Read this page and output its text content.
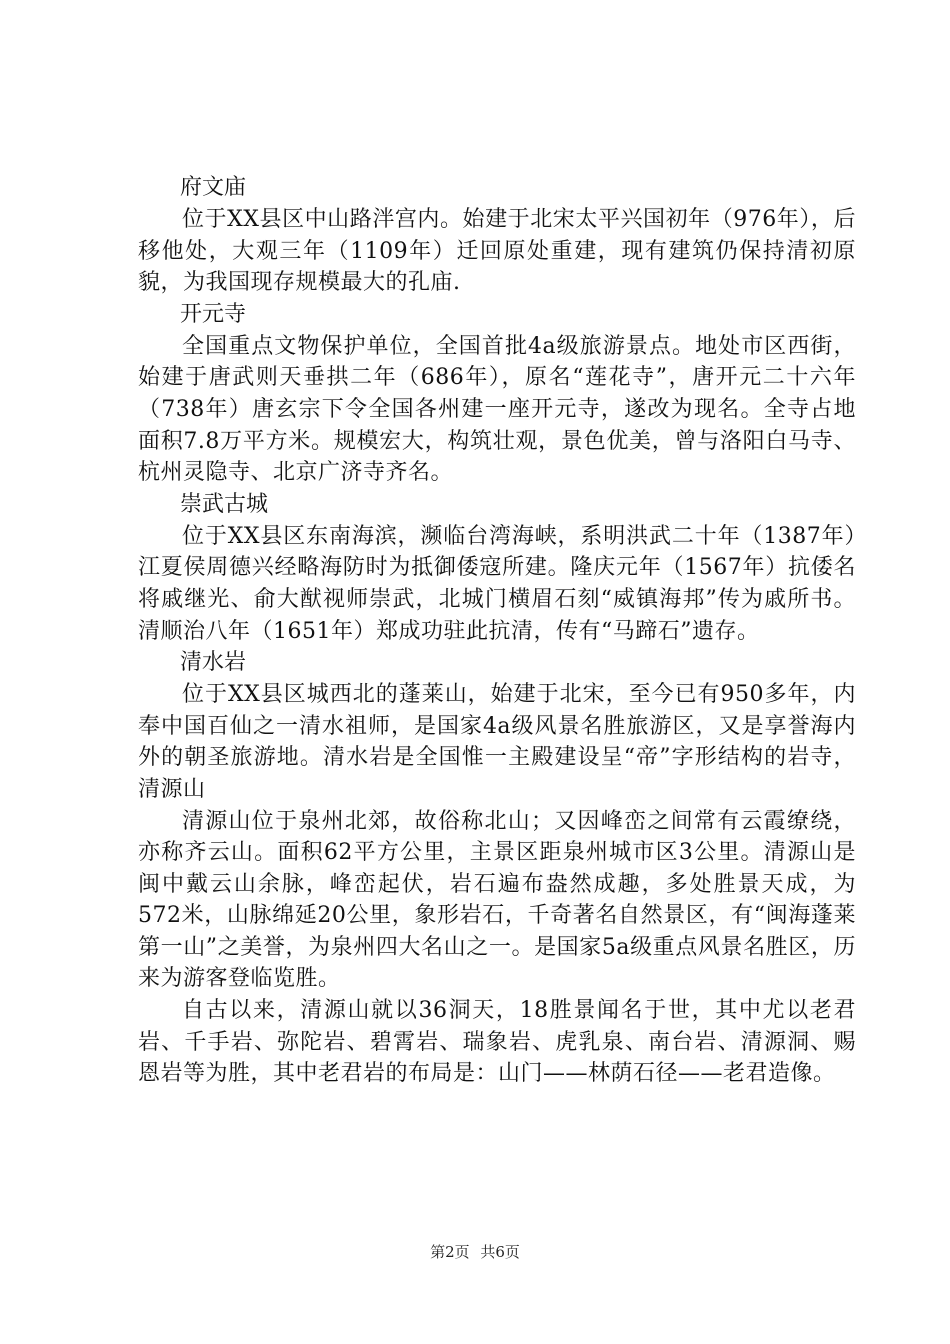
府文庙
位于XX县区中山路泮宫内。始建于北宋太平兴国初年（976年），后移他处，大观三年（1109年）迁回原处重建，现有建筑仍保持清初原貌，为我国现存规模最大的孔庙.
开元寺
全国重点文物保护单位，全国首批4a级旅游景点。地处市区西街，始建于唐武则天垂拱二年（686年），原名“莲花寺”，唐开元二十六年（738年）唐玄宗下令全国各州建一座开元寺，遂改为现名。全寺占地面积7.8万平方米。规模宏大，构筑壮观，景色优美，曾与洛阳白马寺、杭州灵隐寺、北京广济寺齐名。
崇武古城
位于XX县区东南海滨，濒临台湾海峡，系明洪武二十年（1387年）江夏侯周德兴经略海防时为抵御倭寇所建。隆庆元年（1567年）抗倭名将戚继光、俞大猷视师崇武，北城门横眉石刻“威镇海邦”传为戚所书。清顺治八年（1651年）郑成功驻此抗清，传有“马蹄石”遗存。
清水岩
位于XX县区城西北的蓬莱山，始建于北宋，至今已有950多年，内奉中国百仙之一清水祖师，是国家4a级风景名胜旅游区，又是享誉海内外的朝圣旅游地。清水岩是全国惟一主殿建设呈“帝”字形结构的岩寺，清源山
清源山位于泉州北郊，故俗称北山；又因峰峦之间常有云霞缭绕，亦称齐云山。面积62平方公里，主景区距泉州城市区3公里。清源山是闽中戴云山余脉，峰峦起伏，岩石遍布盎然成趣，多处胜景天成，为572米，山脉绵延20公里，象形岩石，千奇著名自然景区，有“闽海蓬莱第一山”之美誉，为泉州四大名山之一。是国家5a级重点风景名胜区，历来为游客登临览胜。
自古以来，清源山就以36洞天，18胜景闻名于世，其中尤以老君岩、千手岩、弥陀岩、碧霄岩、瑞象岩、虎乳泉、南台岩、清源洞、赐恩岩等为胜，其中老君岩的布局是：山门——林荫石径——老君造像。
第2页 共6页
